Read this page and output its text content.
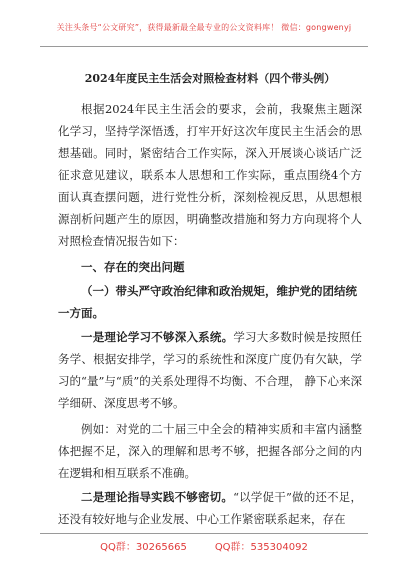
关注头条号“公文研究”，获得最新最全最专业的公文资料库！ 微信：gongwenyj

2024年度民主生活会对照检查材料（四个带头例）

根据2024年民主生活会的要求，会前，我聚焦主题深化学习，坚持学深悟透，打牢开好这次年度民主生活会的思想基础。同时，紧密结合工作实际，深入开展谈心谈话广泛征求意见建议，联系本人思想和工作实际，重点围绕4个方面认真查摆问题，进行党性分析，深刻检视反思，从思想根源剖析问题产生的原因，明确整改措施和努力方向现将个人对照检查情况报告如下：

一、存在的突出问题

（一）带头严守政治纪律和政治规矩，维护党的团结统一方面。

一是理论学习不够深入系统。学习大多数时候是按照任务学、根据安排学，学习的系统性和深度广度仍有欠缺，学习的“量”与“质”的关系处理得不均衡、不合理， 静下心来深学细研、深度思考不够。

例如：对党的二十届三中全会的精神实质和丰富内涵整体把握不足，深入的理解和思考不够，把握各部分之间的内在逻辑和相互联系不准确。

二是理论指导实践不够密切。“以学促干”做的还不足，还没有较好地与企业发展、中心工作紧密联系起来，存在

QQ群：30265665	QQ群：535304092
